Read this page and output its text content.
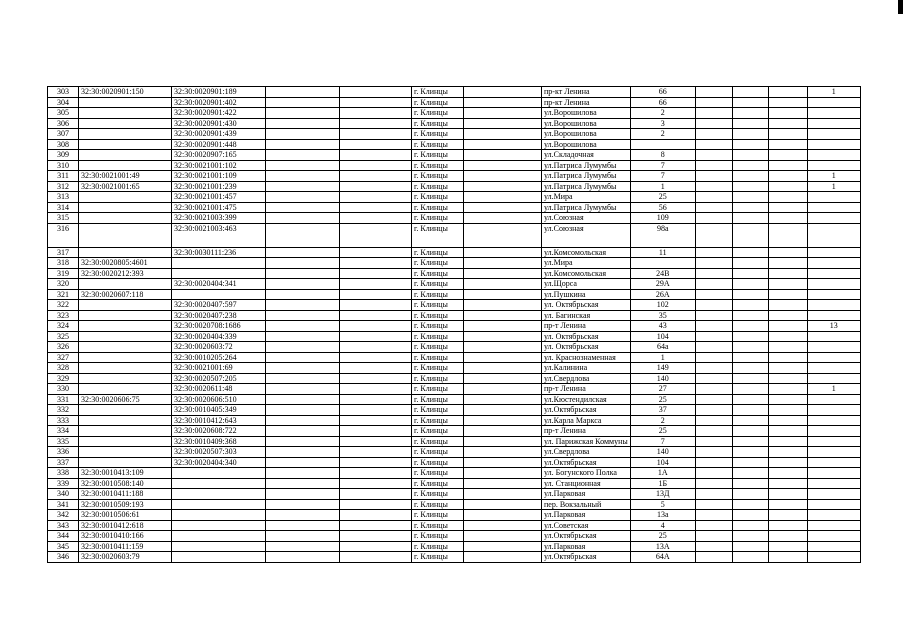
303	32:30:0020901:150	32:30:0020901:189			г. Клинцы		пр-кт Ленина	66				1
304		32:30:0020901:402			г. Клинцы		пр-кт Ленина	66				
305		32:30:0020901:422			г. Клинцы		ул.Ворошилова	2				
306		32:30:0020901:430			г. Клинцы		ул.Ворошилова	3				
307		32:30:0020901:439			г. Клинцы		ул.Ворошилова	2				
308		32:30:0020901:448			г. Клинцы		ул.Ворошилова					
309		32:30:0020907:165			г. Клинцы		ул.Складочная	8				
310		32:30:0021001:102			г. Клинцы		ул.Патриса Лумумбы	7				
311	32:30:0021001:49	32:30:0021001:109			г. Клинцы		ул.Патриса Лумумбы	7				1
312	32:30:0021001:65	32:30:0021001:239			г. Клинцы		ул.Патриса Лумумбы	1				1
313		32:30:0021001:457			г. Клинцы		ул.Мира	25				
314		32:30:0021001:475			г. Клинцы		ул.Патриса Лумумбы	56				
315		32:30:0021003:399			г. Клинцы		ул.Союзная	109				
316		32:30:0021003:463			г. Клинцы		ул.Союзная	98а				
317		32:30:0030111:236			г. Клинцы		ул.Комсомольская	11				
318	32:30:0020805:4601				г. Клинцы		ул.Мира					
319	32:30:0020212:393				г. Клинцы		ул.Комсомольская	24В				
320		32:30:0020404:341			г. Клинцы		ул.Щорса	29А				
321	32:30:0020607:118				г. Клинцы		ул.Пушкина	26А				
322		32:30:0020407:597			г. Клинцы		ул. Октябрьская	102				
323		32:30:0020407:238			г. Клинцы		ул. Багинская	35				
324		32:30:0020708:1686			г. Клинцы		пр-т Ленина	43				13
325		32:30:0020404:339			г. Клинцы		ул. Октябрьская	104				
326		32:30:0020603:72			г. Клинцы		ул. Октябрьская	64а				
327		32:30:0010205:264			г. Клинцы		ул. Краснознаменная	1				
328		32:30:0021001:69			г. Клинцы		ул.Калинина	149				
329		32:30:0020507:205			г. Клинцы		ул.Свердлова	140				
330		32:30:0020611:48			г. Клинцы		пр-т Ленина	27				1
331	32:30:0020606:75	32:30:0020606:510			г. Клинцы		ул.Кюстендилская	25				
332		32:30:0010405:349			г. Клинцы		ул.Октябрьская	37				
333		32:30:0010412:643			г. Клинцы		ул.Карла Маркса	2				
334		32:30:0020608:722			г. Клинцы		пр-т Ленина	25				
335		32:30:0010409:368			г. Клинцы		ул. Парижская Коммуны	7				
336		32:30:0020507:303			г. Клинцы		ул.Свердлова	140				
337		32:30:0020404:340			г. Клинцы		ул.Октябрьская	104				
338	32:30:0010413:109				г. Клинцы		ул. Богунского Полка	1А				
339	32:30:0010508:140				г. Клинцы		ул. Станционная	1Б				
340	32:30:0010411:188				г. Клинцы		ул.Парковая	13Д				
341	32:30:0010509:193				г. Клинцы		пер. Вокзальный	5				
342	32:30:0010506:61				г. Клинцы		ул.Парковая	13а				
343	32:30:0010412:618				г. Клинцы		ул.Советская	4				
344	32:30:0010410:166				г. Клинцы		ул.Октябрьская	25				
345	32:30:0010411:159				г. Клинцы		ул.Парковая	13А				
346	32:30:0020603:79				г. Клинцы		ул.Октябрьская	64А				
